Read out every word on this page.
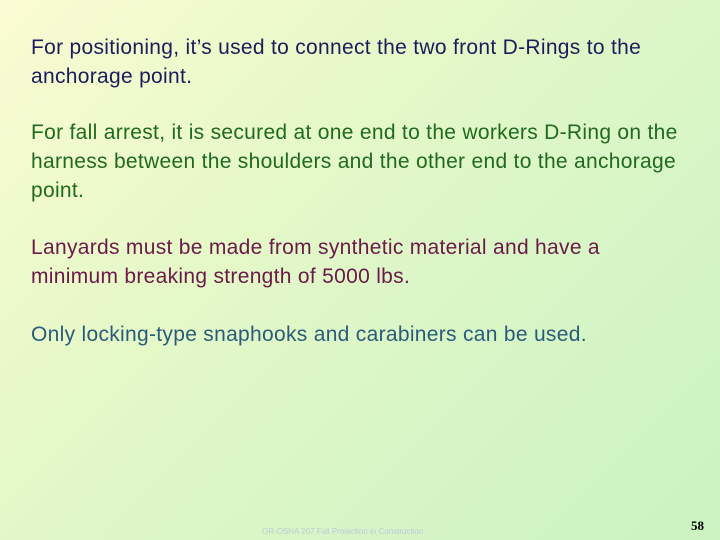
For positioning, it’s used to connect the two front D-Rings to the anchorage point.

For fall arrest, it is secured at one end to the workers D-Ring on the harness between the shoulders and the other end to the anchorage point.

Lanyards must be made from synthetic material and have a minimum breaking strength of 5000 lbs.

Only locking-type snaphooks and carabiners can be used.

OR-OSHA 207 Fall Protection in Construction	58
